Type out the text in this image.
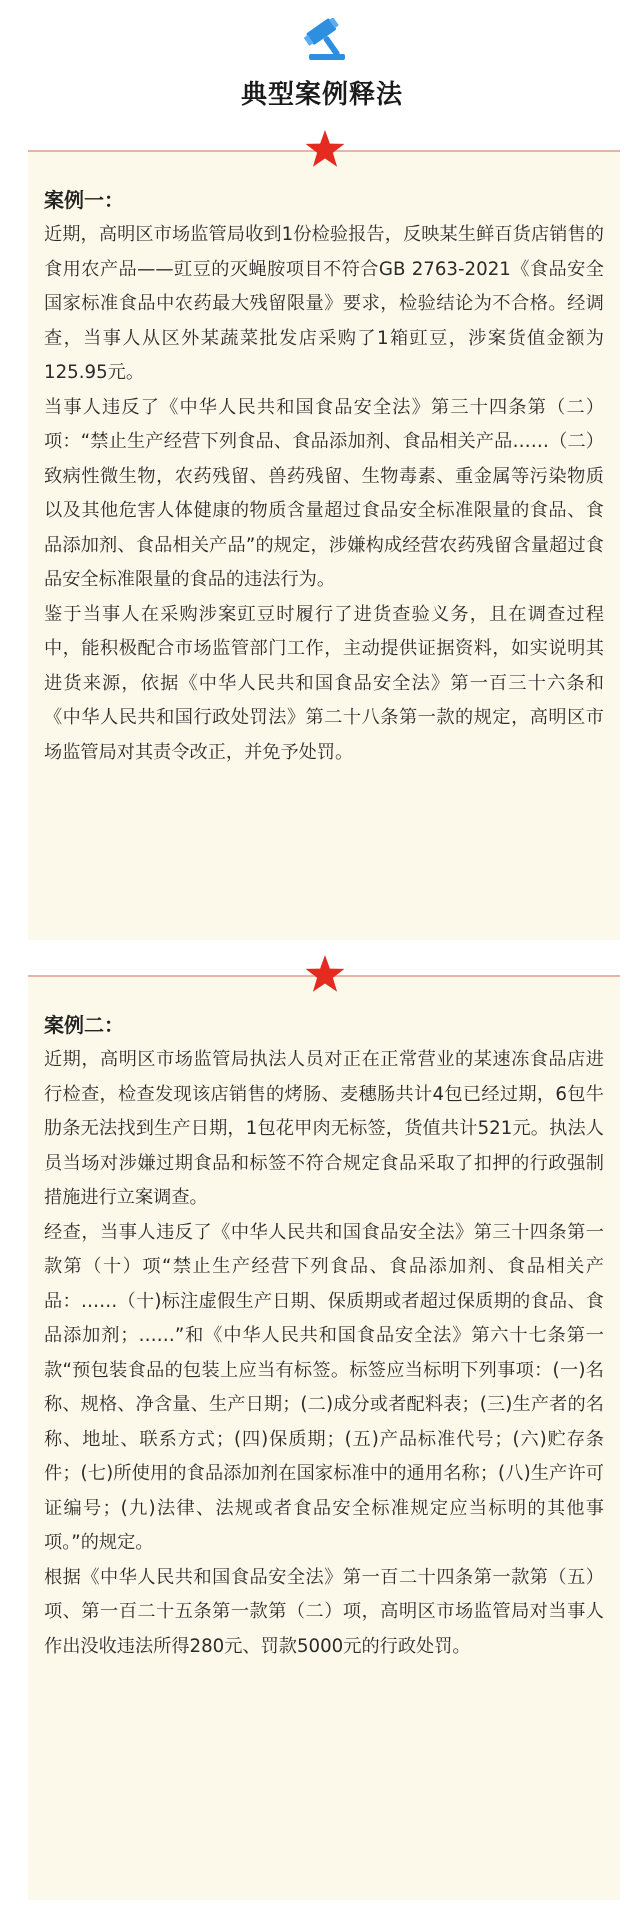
典型案例释法
案例一：

近期，高明区市场监管局收到1份检验报告，反映某生鲜百货店销售的食用农产品——豇豆的灭蝇胺项目不符合GB 2763-2021《食品安全国家标准食品中农药最大残留限量》要求，检验结论为不合格。经调查，当事人从区外某蔬菜批发店采购了1箱豇豆，涉案货值金额为125.95元。

当事人违反了《中华人民共和国食品安全法》第三十四条第（二）项：“禁止生产经营下列食品、食品添加剂、食品相关产品……（二）致病性微生物，农药残留、兽药残留、生物毒素、重金属等污染物质以及其他危害人体健康的物质含量超过食品安全标准限量的食品、食品添加剂、食品相关产品”的规定，涉嫌构成经营农药残留含量超过食品安全标准限量的食品的违法行为。

鉴于当事人在采购涉案豇豆时履行了进货查验义务，且在调查过程中，能积极配合市场监管部门工作，主动提供证据资料，如实说明其进货来源，依据《中华人民共和国食品安全法》第一百三十六条和《中华人民共和国行政处罚法》第二十八条第一款的规定，高明区市场监管局对其责令改正，并免予处罚。

案例二：

近期，高明区市场监管局执法人员对正在正常营业的某速冻食品店进行检查，检查发现该店销售的烤肠、麦穗肠共计4包已经过期，6包牛肋条无法找到生产日期，1包花甲肉无标签，货值共计521元。执法人员当场对涉嫌过期食品和标签不符合规定食品采取了扣押的行政强制措施进行立案调查。

经查，当事人违反了《中华人民共和国食品安全法》第三十四条第一款第（十）项“禁止生产经营下列食品、食品添加剂、食品相关产品：……（十)标注虚假生产日期、保质期或者超过保质期的食品、食品添加剂；……”和《中华人民共和国食品安全法》第六十七条第一款“预包装食品的包装上应当有标签。标签应当标明下列事项：(一)名称、规格、净含量、生产日期；(二)成分或者配料表；(三)生产者的名称、地址、联系方式；(四)保质期；(五)产品标准代号；(六)贮存条件；(七)所使用的食品添加剂在国家标准中的通用名称；(八)生产许可证编号；(九)法律、法规或者食品安全标准规定应当标明的其他事项。”的规定。

根据《中华人民共和国食品安全法》第一百二十四条第一款第（五）项、第一百二十五条第一款第（二）项，高明区市场监管局对当事人作出没收违法所得280元、罚款5000元的行政处罚。
